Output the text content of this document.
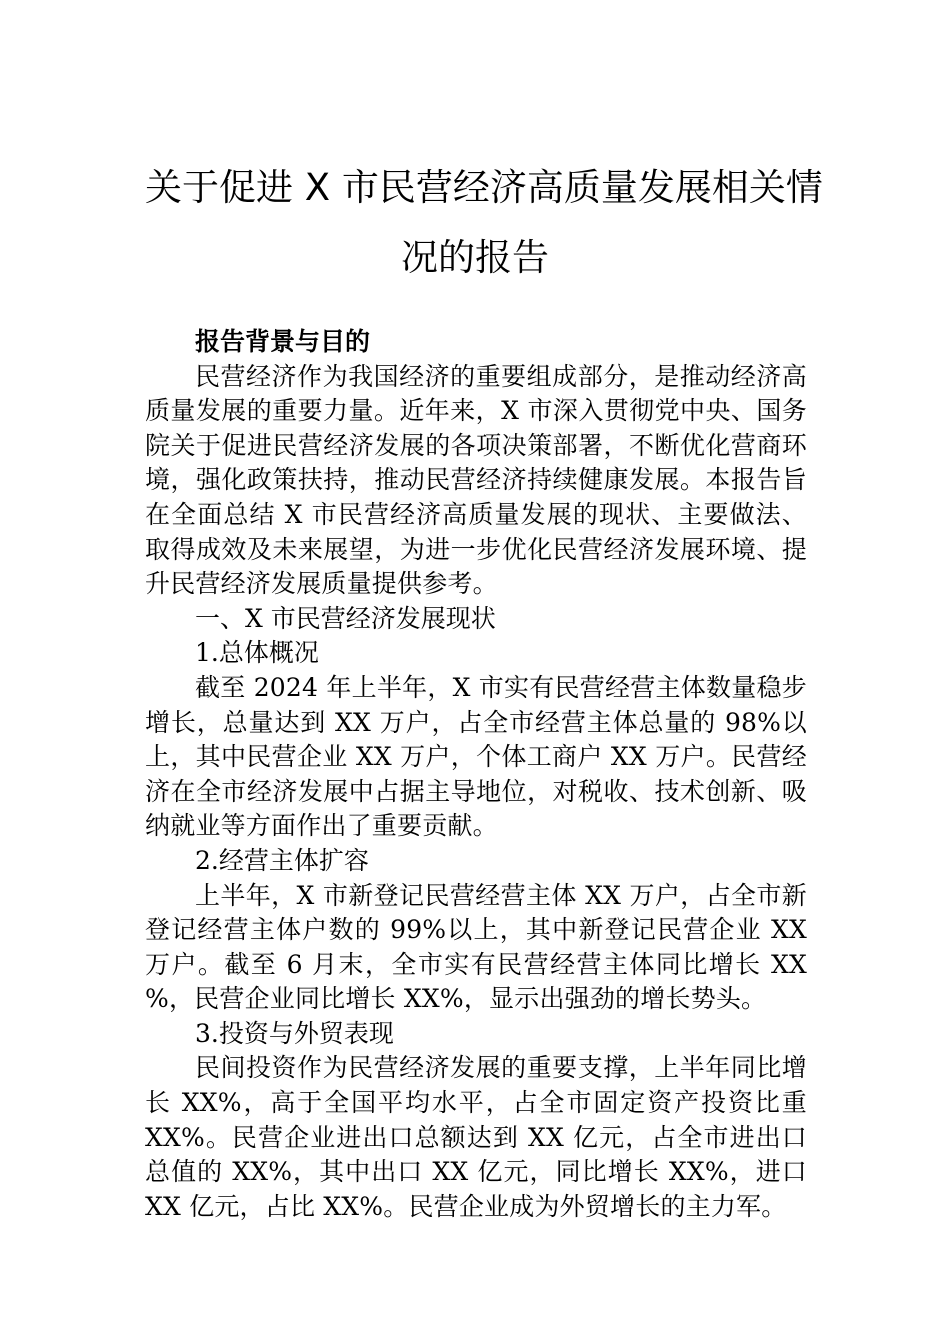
关于促进 X 市民营经济高质量发展相关情
况的报告

报告背景与目的

民营经济作为我国经济的重要组成部分，是推动经济高质量发展的重要力量。近年来，X 市深入贯彻党中央、国务院关于促进民营经济发展的各项决策部署，不断优化营商环境，强化政策扶持，推动民营经济持续健康发展。本报告旨在全面总结 X 市民营经济高质量发展的现状、主要做法、取得成效及未来展望，为进一步优化民营经济发展环境、提升民营经济发展质量提供参考。

一、X 市民营经济发展现状

1.总体概况

截至 2024 年上半年，X 市实有民营经营主体数量稳步增长，总量达到 XX 万户，占全市经营主体总量的 98%以上，其中民营企业 XX 万户，个体工商户 XX 万户。民营经济在全市经济发展中占据主导地位，对税收、技术创新、吸纳就业等方面作出了重要贡献。

2.经营主体扩容

上半年，X 市新登记民营经营主体 XX 万户，占全市新登记经营主体户数的 99%以上，其中新登记民营企业 XX 万户。截至 6 月末，全市实有民营经营主体同比增长 XX %，民营企业同比增长 XX%，显示出强劲的增长势头。

3.投资与外贸表现

民间投资作为民营经济发展的重要支撑，上半年同比增长 XX%，高于全国平均水平，占全市固定资产投资比重 XX%。民营企业进出口总额达到 XX 亿元，占全市进出口总值的 XX%，其中出口 XX 亿元，同比增长 XX%，进口 XX 亿元，占比 XX%。民营企业成为外贸增长的主力军。
